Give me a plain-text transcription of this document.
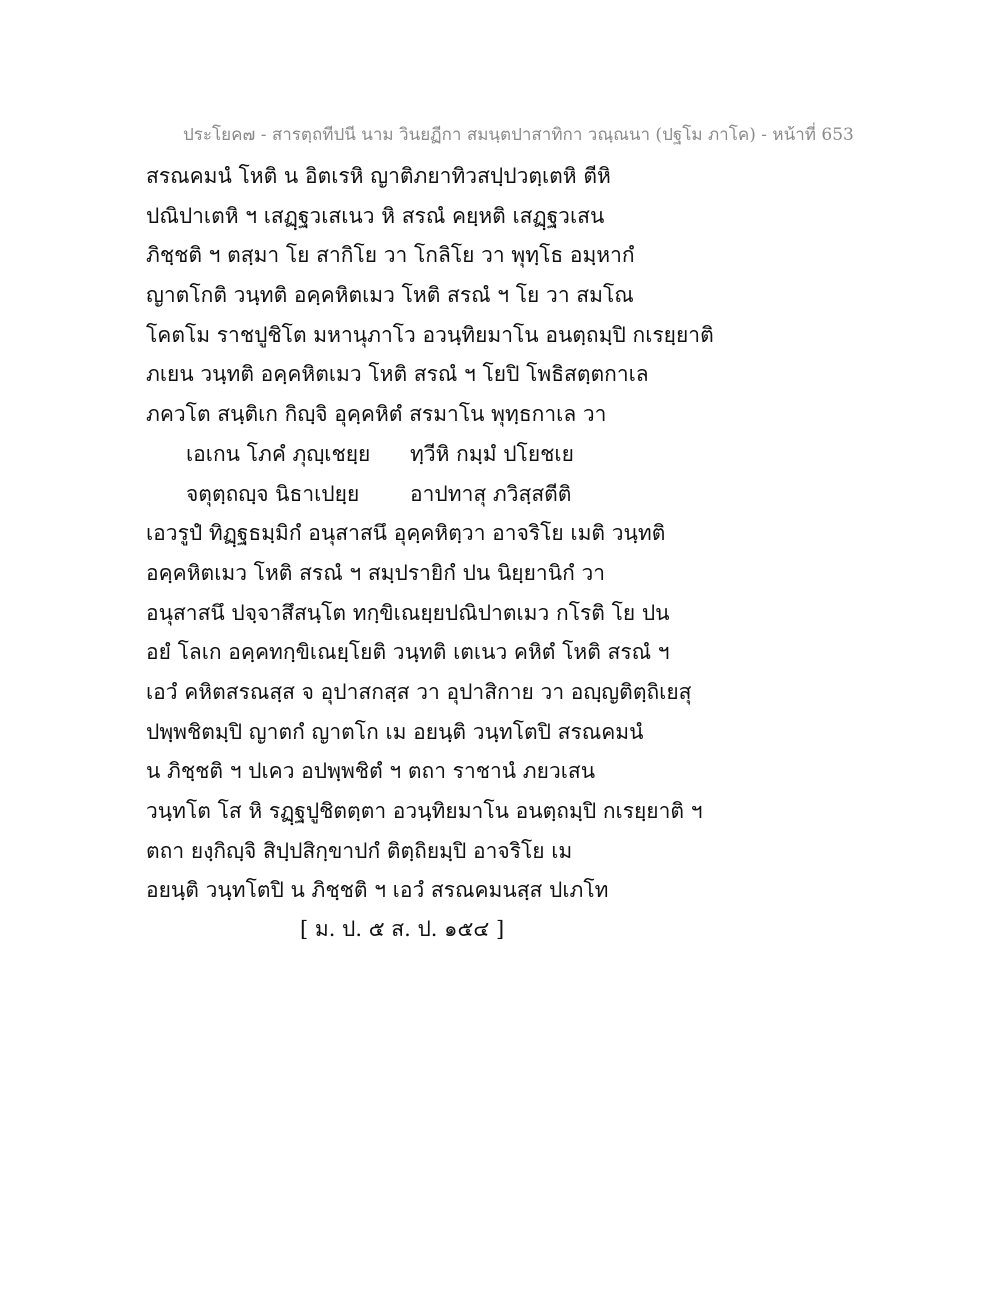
ประโยค๗ - สารตฺถทีปนี นาม วินยฏีกา สมนฺตปาสาทิกา วณฺณนา (ปฐโม ภาโค) - หน้าที่ 653
สรณคมนํ โหติ น อิตเรหิ ญาติภยาทิวสปฺปวตฺเตหิ ตีหิ
ปณิปาเตหิ ฯ เสฏฺฐวเสเนว หิ สรณํ คยฺหติ เสฏฺฐวเสน
ภิชฺชติ ฯ ตสฺมา โย สากิโย วา โกลิโย วา พุทฺโธ อมฺหากํ
ญาตโกติ วนฺทติ อคฺคหิตเมว โหติ สรณํ ฯ โย วา สมโณ
โคตโม ราชปูชิโต มหานุภาโว อวนฺทิยมาโน อนตฺถมฺปิ กเรยฺยาติ
ภเยน วนฺทติ อคฺคหิตเมว โหติ สรณํ ฯ โยปิ โพธิสตฺตกาเล
ภควโต สนฺติเก กิญฺจิ อุคฺคหิตํ สรมาโน พุทฺธกาเล วา
เอเกน โภคํ ภุญฺเชยฺย	ทฺวีหิ กมฺมํ ปโยชเย
จตุตฺถญฺจ นิธาเปยฺย	อาปทาสุ ภวิสฺสตีติ
เอวรูปํ ทิฏฺฐธมฺมิกํ อนุสาสนึ อุคฺคหิตฺวา อาจริโย เมติ วนฺทติ
อคฺคหิตเมว โหติ สรณํ ฯ สมฺปรายิกํ ปน นิยฺยานิกํ วา
อนุสาสนึ ปจฺจาสึสนฺโต ทกฺขิเณยฺยปณิปาตเมว กโรติ โย ปน
อยํ โลเก อคฺคทกฺขิเณยฺโยติ วนฺทติ เตเนว คหิตํ โหติ สรณํ ฯ
เอวํ คหิตสรณสฺส จ อุปาสกสฺส วา อุปาสิกาย วา อญฺญติตฺถิเยสุ
ปพฺพชิตมฺปิ ญาตกํ ญาตโก เม อยนฺติ วนฺทโตปิ สรณคมนํ
น ภิชฺชติ ฯ ปเคว อปพฺพชิตํ ฯ ตถา ราชานํ ภยวเสน
วนฺทโต โส หิ รฏฺฐปูชิตตฺตา อวนฺทิยมาโน อนตฺถมฺปิ กเรยฺยาติ ฯ
ตถา ยงฺกิญฺจิ สิปฺปสิกฺขาปกํ ติตฺถิยมฺปิ อาจริโย เม
อยนฺติ วนฺทโตปิ น ภิชฺชติ ฯ เอวํ สรณคมนสฺส ปเภโท
[ ม. ป. ๕ ส. ป. ๑๕๔ ]
